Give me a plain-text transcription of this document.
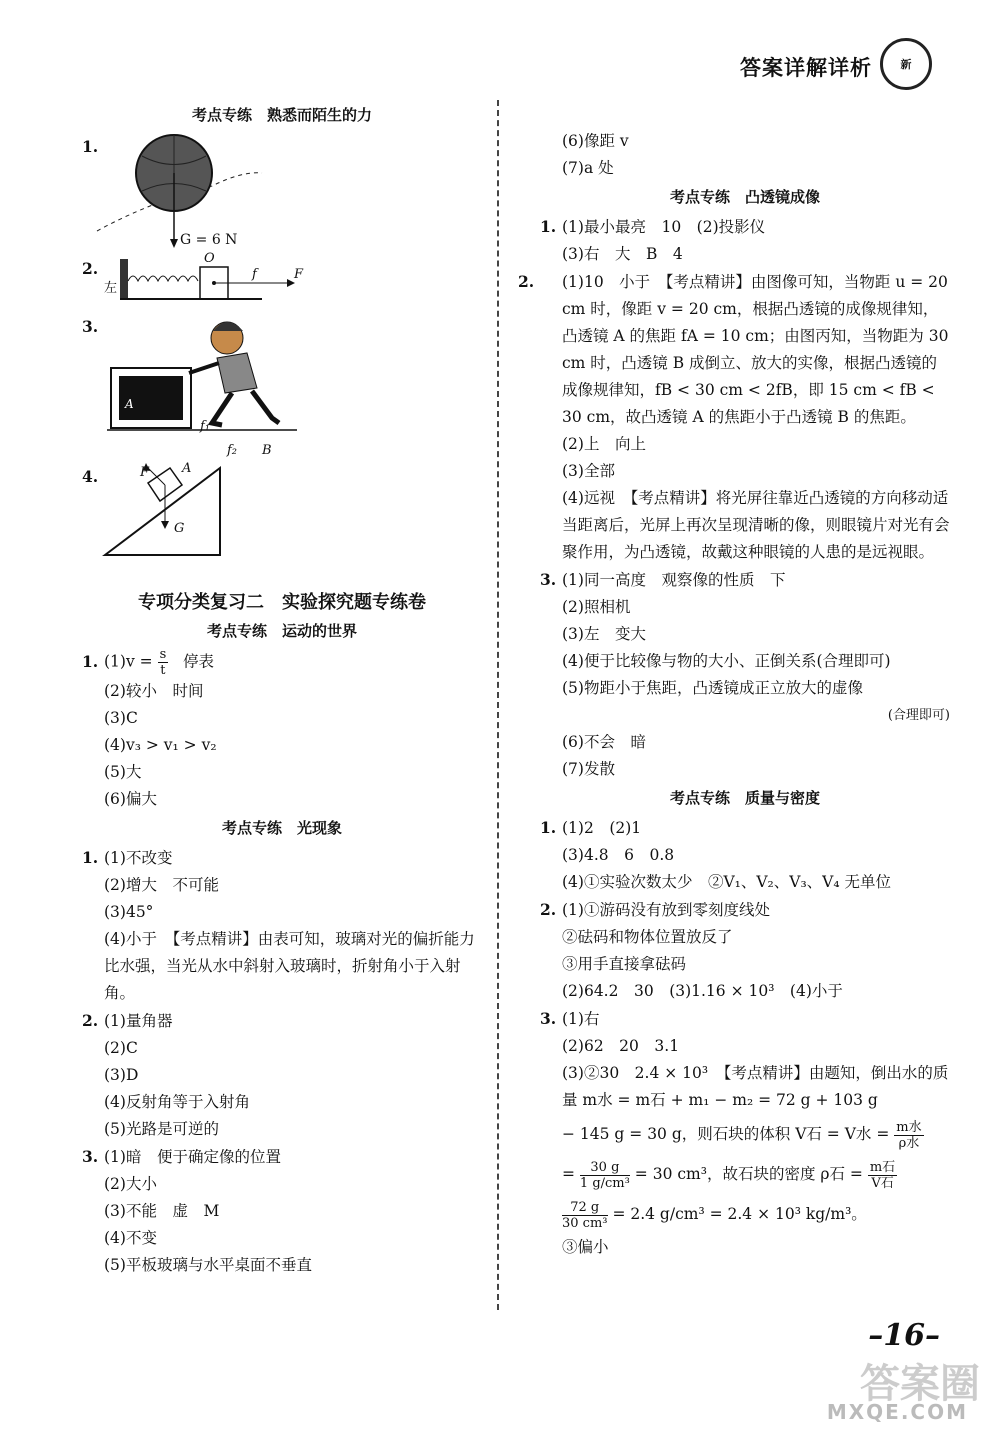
答案详解详析	新
考点专练　熟悉而陌生的力
1.
G = 6 N
2.
左
O
f	F
3.
A
f₁
f₂ B
4.	F	A
G
专项分类复习二　实验探究题专练卷
考点专练　运动的世界
1. $(1)v = \frac{s}{t}$ 停表
(2)较小　时间
(3)C
(4)v₃ > v₁ > v₂
(5)大
(6)偏大
考点专练　光现象
1. (1)不改变
(2)增大　不可能
(3)45°
(4)小于　【考点精讲】由表可知，玻璃对光的偏折能力比水强，当光从水中斜射入玻璃时，折射角小于入射角。
2. (1)量角器
(2)C
(3)D
(4)反射角等于入射角
(5)光路是可逆的
3. (1)暗　便于确定像的位置
(2)大小
(3)不能　虚　M
(4)不变
(5)平板玻璃与水平桌面不垂直
(6)像距 v
(7)a 处
考点专练　凸透镜成像
1. (1)最小最亮　10　(2)投影仪
(3)右　大　B　4
2. (1)10　小于　【考点精讲】由图像可知，当物距 u = 20 cm 时，像距 v = 20 cm，根据凸透镜的成像规律知，凸透镜 A 的焦距 fA = 10 cm；由图丙知，当物距为 30 cm 时，凸透镜 B 成倒立、放大的实像，根据凸透镜的成像规律知，fB < 30 cm < 2fB，即 15 cm < fB < 30 cm，故凸透镜 A 的焦距小于凸透镜 B 的焦距。
(2)上　向上
(3)全部
(4)远视　【考点精讲】将光屏往靠近凸透镜的方向移动适当距离后，光屏上再次呈现清晰的像，则眼镜片对光有会聚作用，为凸透镜，故戴这种眼镜的人患的是远视眼。
3. (1)同一高度　观察像的性质　下
(2)照相机
(3)左　变大
(4)便于比较像与物的大小、正倒关系(合理即可)
(5)物距小于焦距，凸透镜成正立放大的虚像
(合理即可)
(6)不会　暗
(7)发散
考点专练　质量与密度
1. (1)2　(2)1
(3)4.8　6　0.8
(4)①实验次数太少　②V₁、V₂、V₃、V₄ 无单位
2. (1)①游码没有放到零刻度线处
②砝码和物体位置放反了
③用手直接拿砝码
(2)64.2　30　(3)1.16 × 10³　(4)小于
3. (1)右
(2)62　20　3.1
(3)②30　2.4 × 10³　【考点精讲】由题知，倒出水的质量 m水 = m石 + m₁ − m₂ = 72 g + 103 g
− 145 g = 30 g，则石块的体积 V石 = V水 = $\frac{\text{m水}}{\text{ρ水}}$
= $\frac{30 g}{\text{1 g/cm³}} = 30$ cm³，故石块的密度 ρ石 = $\frac{\text{m石}}{\text{V石}}$
$\frac{72 g}{\text{30 cm³}} = 2.4$ g/cm³ = 2.4 × 10³ kg/m³。
③偏小
–16–
答案圈
MXQE.COM
